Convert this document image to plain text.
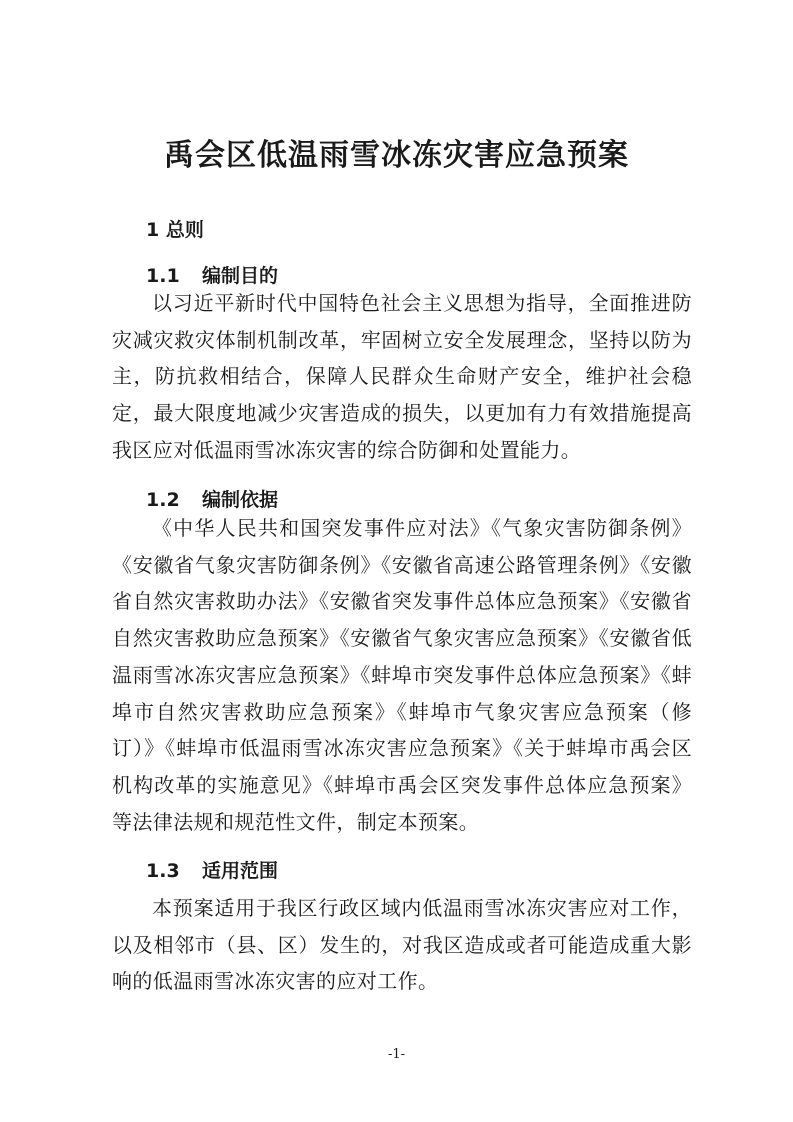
禹会区低温雨雪冰冻灾害应急预案
1 总则
1.1 编制目的
以习近平新时代中国特色社会主义思想为指导，全面推进防灾减灾救灾体制机制改革，牢固树立安全发展理念，坚持以防为主，防抗救相结合，保障人民群众生命财产安全，维护社会稳定，最大限度地减少灾害造成的损失，以更加有力有效措施提高我区应对低温雨雪冰冻灾害的综合防御和处置能力。
1.2 编制依据
《中华人民共和国突发事件应对法》《气象灾害防御条例》《安徽省气象灾害防御条例》《安徽省高速公路管理条例》《安徽省自然灾害救助办法》《安徽省突发事件总体应急预案》《安徽省自然灾害救助应急预案》《安徽省气象灾害应急预案》《安徽省低温雨雪冰冻灾害应急预案》《蚌埠市突发事件总体应急预案》《蚌埠市自然灾害救助应急预案》《蚌埠市气象灾害应急预案（修订）》《蚌埠市低温雨雪冰冻灾害应急预案》《关于蚌埠市禹会区机构改革的实施意见》《蚌埠市禹会区突发事件总体应急预案》等法律法规和规范性文件，制定本预案。
1.3 适用范围
本预案适用于我区行政区域内低温雨雪冰冻灾害应对工作，以及相邻市（县、区）发生的，对我区造成或者可能造成重大影响的低温雨雪冰冻灾害的应对工作。
-1-
